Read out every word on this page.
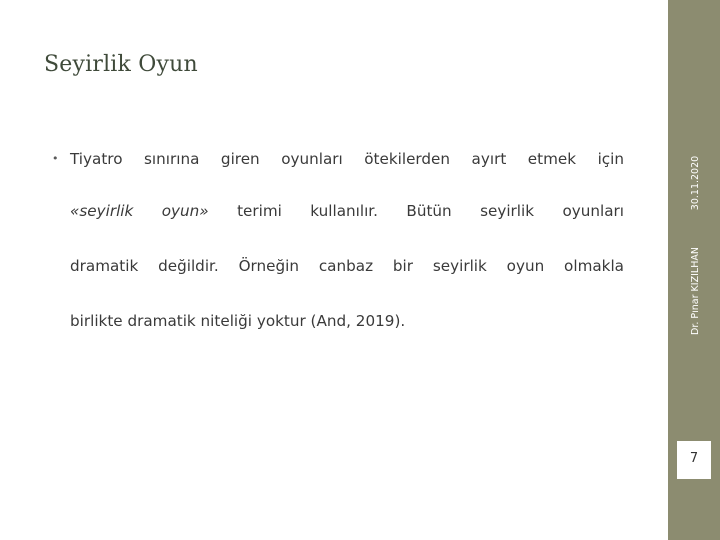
Seyirlik Oyun
• Tiyatro sınırına giren oyunları ötekilerden ayırt etmek için
«seyirlik oyun» terimi kullanılır. Bütün seyirlik oyunları
dramatik değildir. Örneğin canbaz bir seyirlik oyun olmakla
birlikte dramatik niteliği yoktur (And, 2019).
30.11.2020
Dr. Pınar KIZILHAN
7
